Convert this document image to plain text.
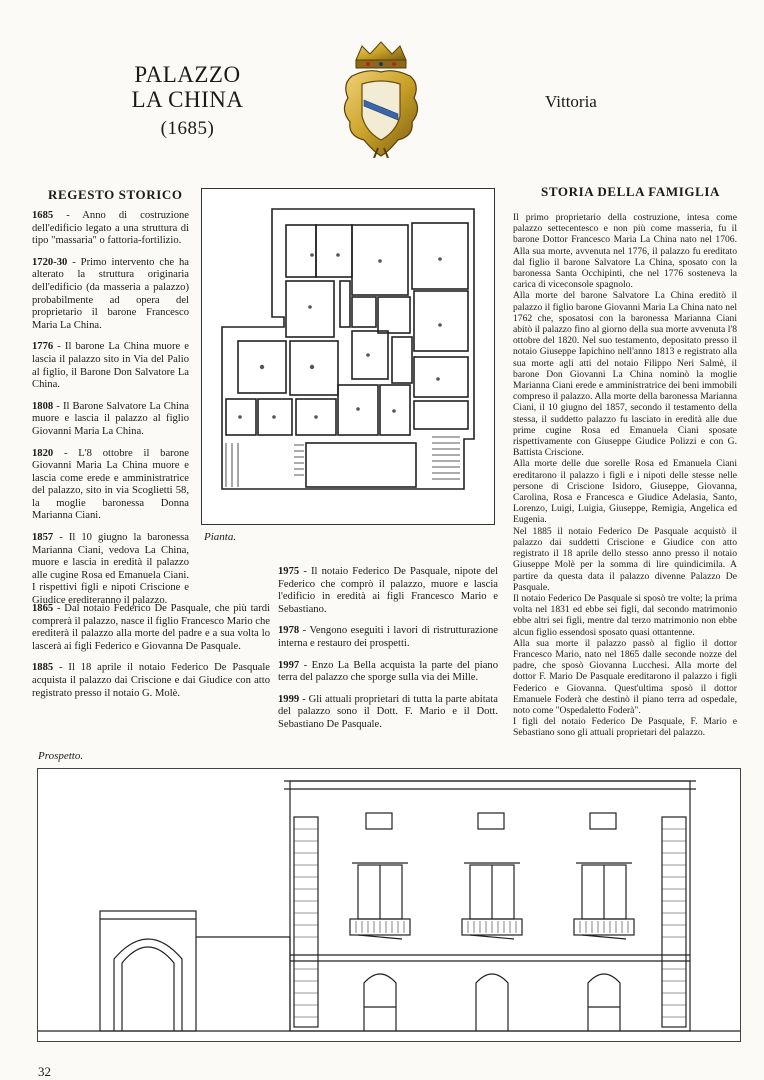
PALAZZO
LA CHINA
(1685)
Vittoria
REGESTO STORICO

1685 - Anno di costruzione dell'edificio legato a una struttura di tipo "massaria" o fattoria-fortilizio.

1720-30 - Primo intervento che ha alterato la struttura originaria dell'edificio (da masseria a palazzo) probabilmente ad opera del proprietario il barone Francesco Maria La China.

1776 - Il barone La China muore e lascia il palazzo sito in Via del Palio al figlio, il Barone Don Salvatore La China.

1808 - Il Barone Salvatore La China muore e lascia il palazzo al figlio Giovanni Maria La China.

1820 - L'8 ottobre il barone Giovanni Maria La China muore e lascia come erede e amministratrice del palazzo, sito in via Scoglietti 58, la moglie baronessa Donna Marianna Ciani.

1857 - Il 10 giugno la baronessa Marianna Ciani, vedova La China, muore e lascia in eredità il palazzo alle cugine Rosa ed Emanuela Ciani. I rispettivi figli e nipoti Criscione e Giudice erediteranno il palazzo.

1865 - Dal notaio Federico De Pasquale, che più tardi comprerà il palazzo, nasce il figlio Francesco Mario che erediterà il palazzo alla morte del padre e a sua volta lo lascerà ai figli Federico e Giovanna De Pasquale.

1885 - Il 18 aprile il notaio Federico De Pasquale acquista il palazzo dai Criscione e dai Giudice con atto registrato presso il notaio G. Molè.

1975 - Il notaio Federico De Pasquale, nipote del Federico che comprò il palazzo, muore e lascia l'edificio in eredità ai figli Francesco Mario e Sebastiano.

1978 - Vengono eseguiti i lavori di ristrutturazione interna e restauro dei prospetti.

1997 - Enzo La Bella acquista la parte del piano terra del palazzo che sporge sulla via dei Mille.

1999 - Gli attuali proprietari di tutta la parte abitata del palazzo sono il Dott. F. Mario e il Dott. Sebastiano De Pasquale.

Pianta.
STORIA DELLA FAMIGLIA

Il primo proprietario della costruzione, intesa come palazzo settecentesco e non più come masseria, fu il barone Dottor Francesco Maria La China nato nel 1706. Alla sua morte, avvenuta nel 1776, il palazzo fu ereditato dal figlio il barone Salvatore La China, sposato con la baronessa Santa Occhipinti, che nel 1776 sosteneva la carica di viceconsole spagnolo.

Alla morte del barone Salvatore La China ereditò il palazzo il figlio barone Giovanni Maria La China nato nel 1762 che, sposatosi con la baronessa Marianna Ciani abitò il palazzo fino al giorno della sua morte avvenuta l'8 ottobre del 1820. Nel suo testamento, depositato presso il notaio Giuseppe Iapichino nell'anno 1813 e registrato alla sua morte agli atti del notaio Filippo Neri Salmè, il barone Don Giovanni La China nominò la moglie Marianna Ciani erede e amministratrice dei beni immobili compreso il palazzo. Alla morte della baronessa Marianna Ciani, il 10 giugno del 1857, secondo il testamento della stessa, il suddetto palazzo fu lasciato in eredità alle due prime cugine Rosa ed Emanuela Ciani sposate rispettivamente con Giuseppe Giudice Polizzi e con G. Battista Criscione.

Alla morte delle due sorelle Rosa ed Emanuela Ciani ereditarono il palazzo i figli e i nipoti delle stesse nelle persone di Criscione Isidoro, Giuseppe, Giovanna, Carolina, Rosa e Francesca e Giudice Adelasia, Santo, Lorenzo, Luigi, Luigia, Giuseppe, Remigia, Angelica ed Eugenia.

Nel 1885 il notaio Federico De Pasquale acquistò il palazzo dai suddetti Criscione e Giudice con atto registrato il 18 aprile dello stesso anno presso il notaio Giuseppe Molè per la somma di lire quindicimila. A partire da questa data il palazzo divenne Palazzo De Pasquale.

Il notaio Federico De Pasquale si sposò tre volte; la prima volta nel 1831 ed ebbe sei figli, dal secondo matrimonio ebbe altri sei figli, mentre dal terzo matrimonio non ebbe alcun figlio essendosi sposato quasi ottantenne.

Alla sua morte il palazzo passò al figlio il dottor Francesco Mario, nato nel 1865 dalle seconde nozze del padre, che sposò Giovanna Lucchesi. Alla morte del dottor F. Mario De Pasquale ereditarono il palazzo i figli Federico e Giovanna. Quest'ultima sposò il dottor Emanuele Foderà che destinò il piano terra ad ospedale, noto come "Ospedaletto Foderà".

I figli del notaio Federico De Pasquale, F. Mario e Sebastiano sono gli attuali proprietari del palazzo.

Prospetto.
32
